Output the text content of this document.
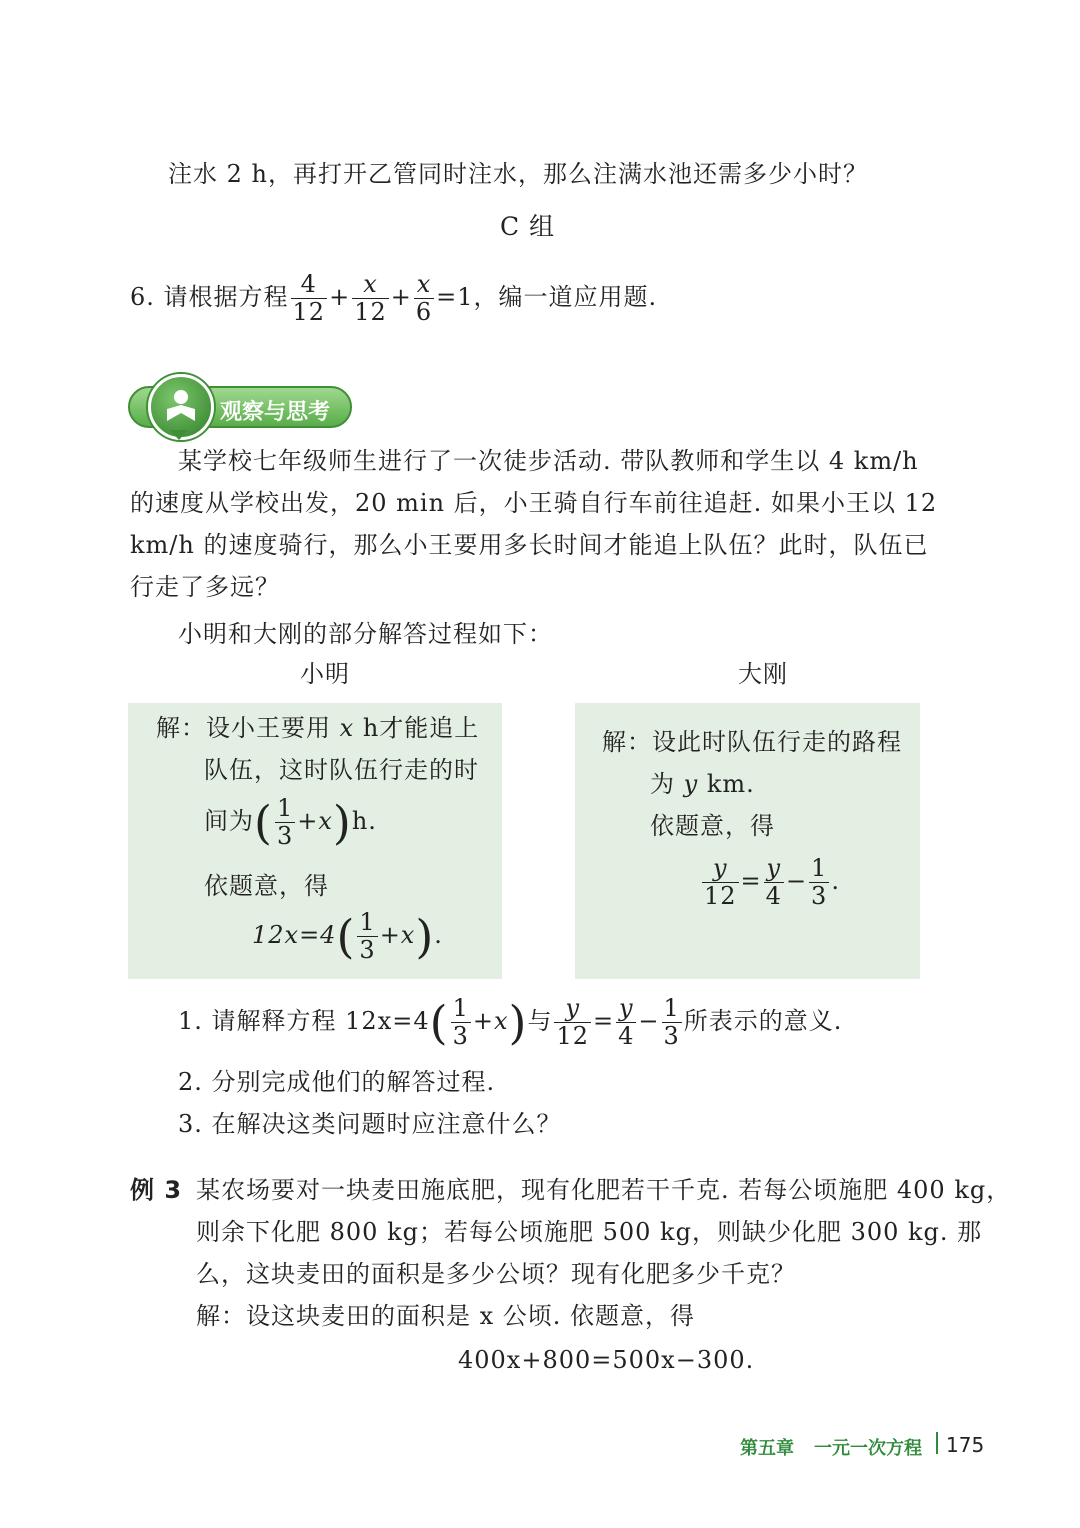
注水 2 h，再打开乙管同时注水，那么注满水池还需多少小时？
C 组
6. 请根据方程 $\frac{4}{12} + \frac{x}{12} + \frac{x}{6} =1$，编一道应用题.
观察与思考
某学校七年级师生进行了一次徒步活动. 带队教师和学生以 4 km/h 的速度从学校出发，20 min 后，小王骑自行车前往追赶. 如果小王以 12 km/h 的速度骑行，那么小王要用多长时间才能追上队伍？此时，队伍已行走了多远？
小明和大刚的部分解答过程如下：
小明	大刚
解：设小王要用 x h才能追上
队伍，这时队伍行走的时
间为( $\frac{1}{3} +x)h$.
依题意，得
$12x=4( \frac{1}{3} +x)$.
解：设此时队伍行走的路程
为 y km.
依题意，得
$\frac{y}{12} = \frac{y}{4} - \frac{1}{3}$ .
1. 请解释方程 $12x=4( \frac{1}{3} +x)$与 $\frac{y}{12} = \frac{y}{4} - \frac{1}{3}$ 所表示的意义.
2. 分别完成他们的解答过程.
3. 在解决这类问题时应注意什么？
例 3 某农场要对一块麦田施底肥，现有化肥若干千克. 若每公顷施肥 400 kg，
则余下化肥 800 kg；若每公顷施肥 500 kg，则缺少化肥 300 kg. 那
么，这块麦田的面积是多少公顷？现有化肥多少千克？
解：设这块麦田的面积是 x 公顷. 依题意，得
400x+800=500x−300.
第五章 一元一次方程 175
